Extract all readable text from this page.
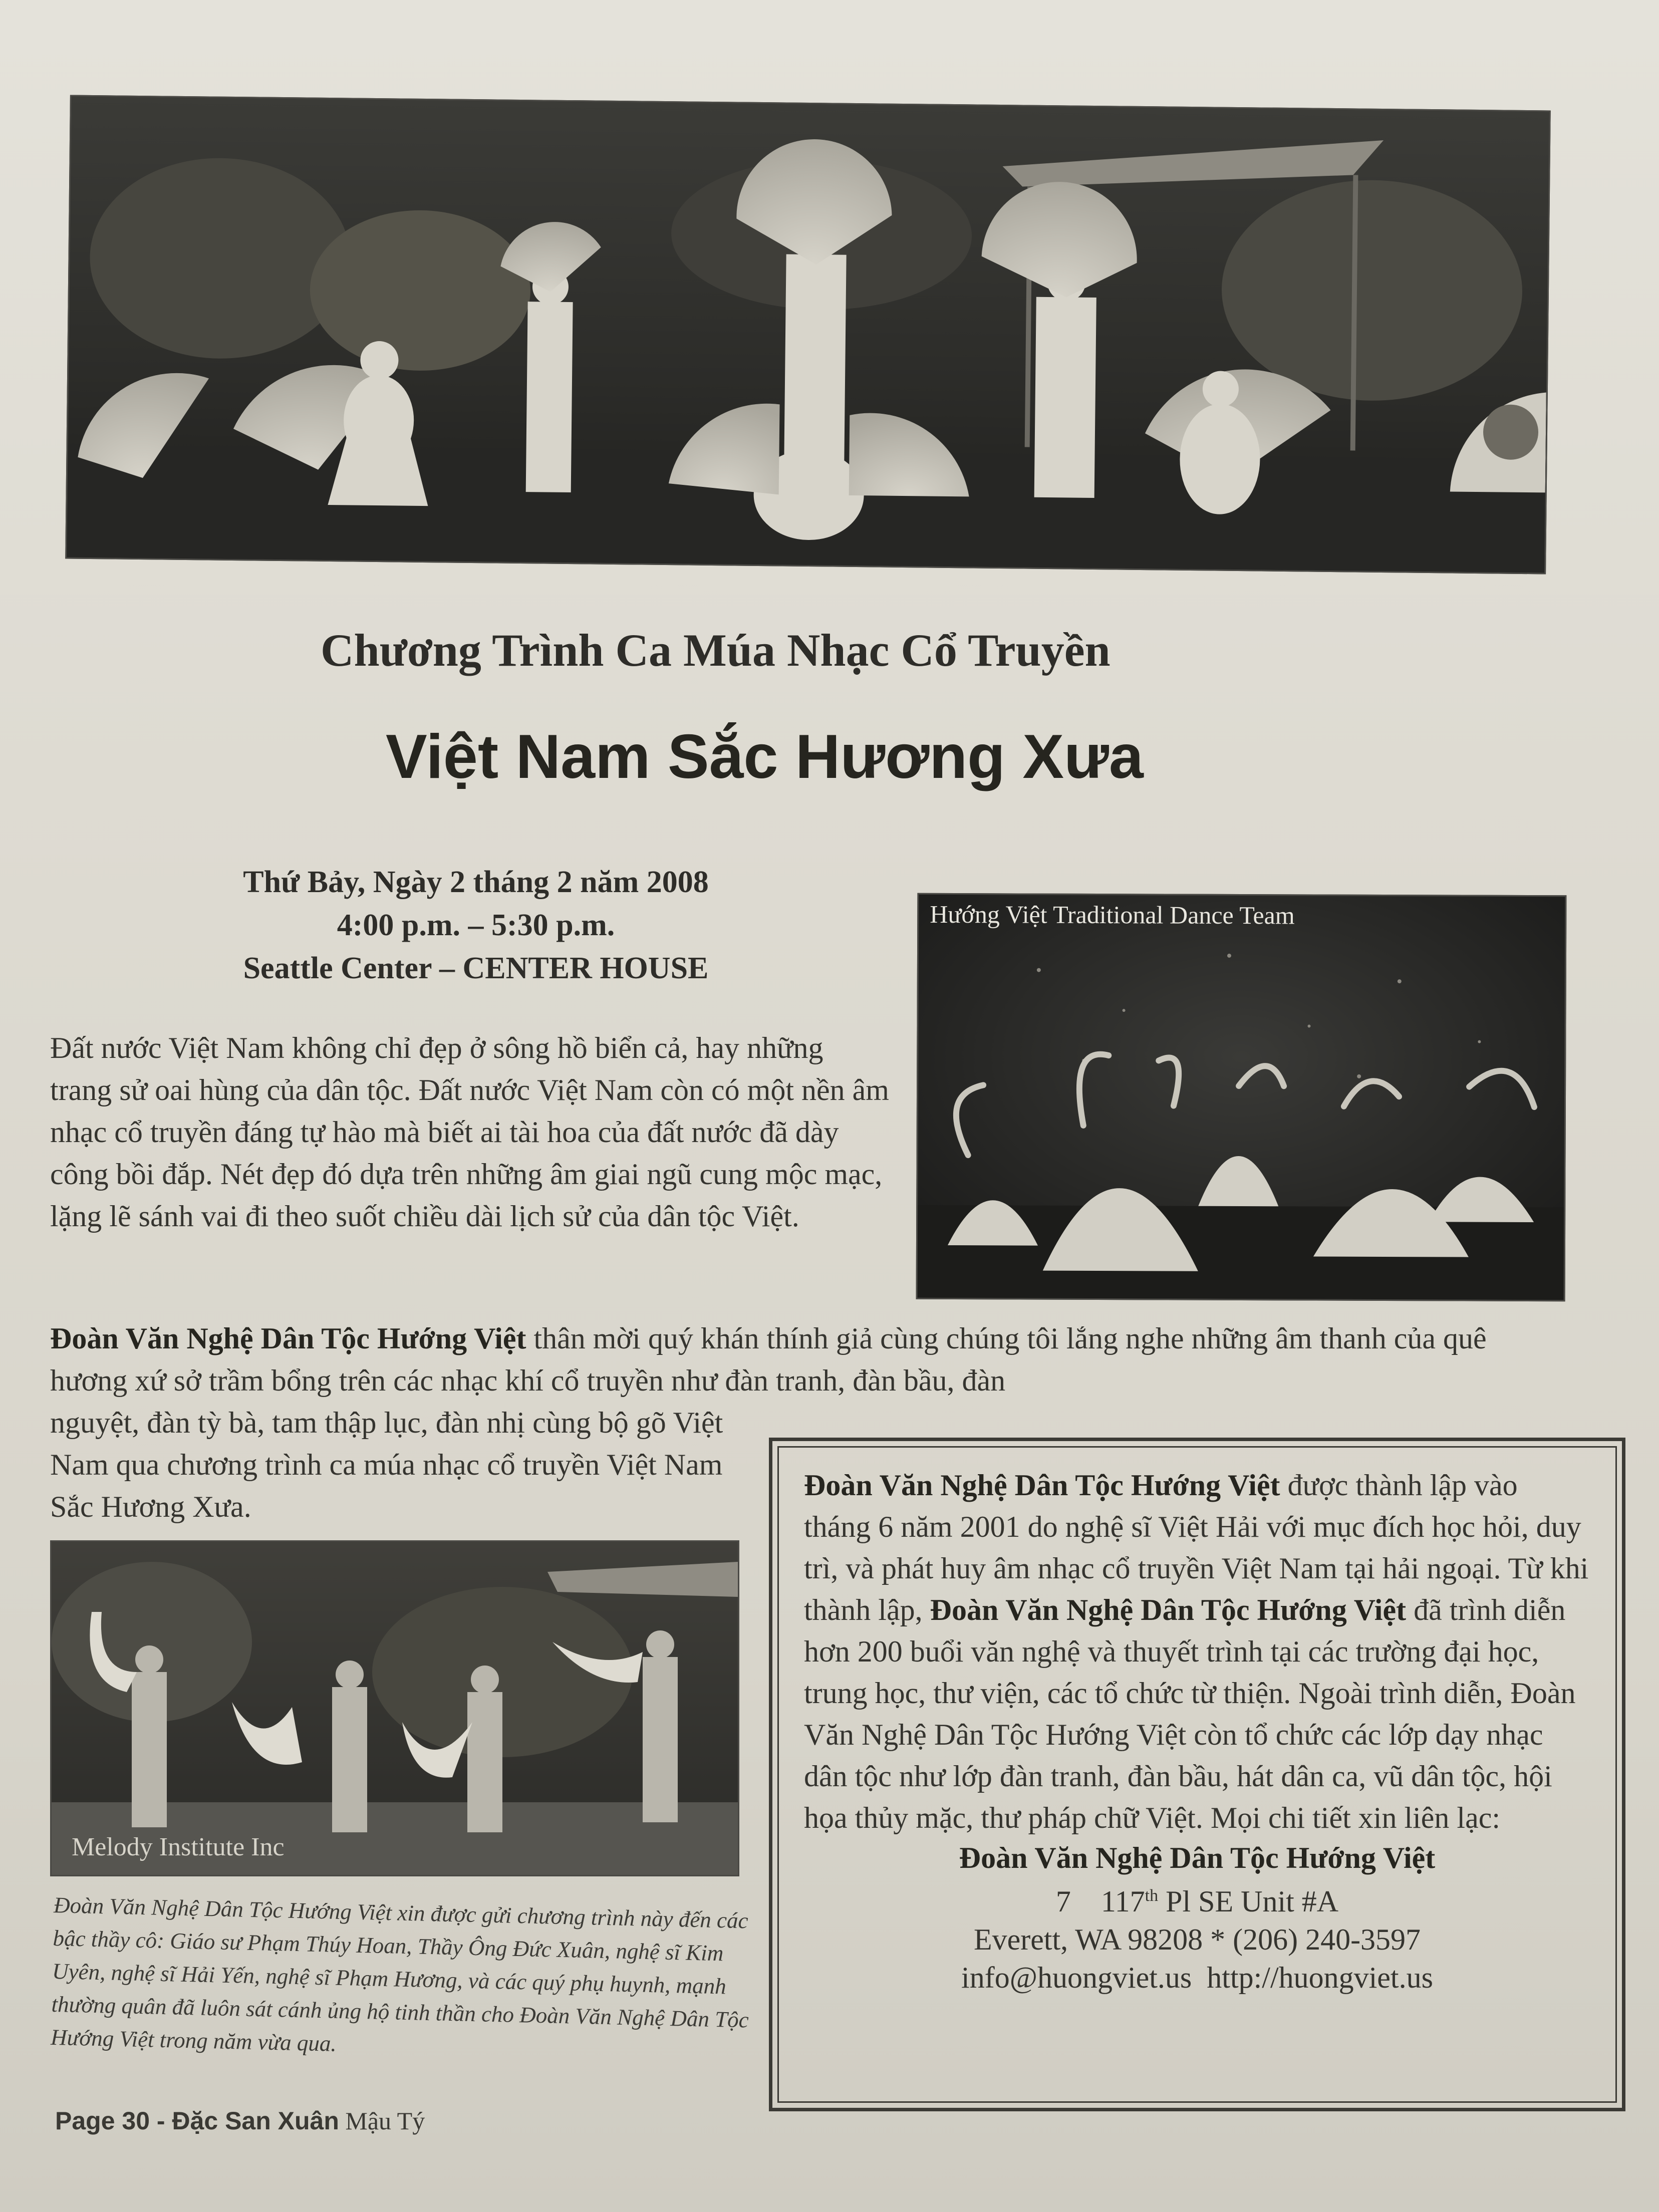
Chương Trình Ca Múa Nhạc Cổ Truyền
Việt Nam Sắc Hương Xưa
Thứ Bảy, Ngày 2 tháng 2 năm 2008
4:00 p.m. – 5:30 p.m.
Seattle Center – CENTER HOUSE
Hướng Việt Traditional Dance Team
Đất nước Việt Nam không chỉ đẹp ở sông hồ biển cả, hay những trang sử oai hùng của dân tộc. Đất nước Việt Nam còn có một nền âm nhạc cổ truyền đáng tự hào mà biết ai tài hoa của đất nước đã dày công bồi đắp. Nét đẹp đó dựa trên những âm giai ngũ cung mộc mạc, lặng lẽ sánh vai đi theo suốt chiều dài lịch sử của dân tộc Việt.
Đoàn Văn Nghệ Dân Tộc Hướng Việt thân mời quý khán thính giả cùng chúng tôi lắng nghe những âm thanh của quê hương xứ sở trầm bổng trên các nhạc khí cổ truyền như đàn tranh, đàn bầu, đàn
nguyệt, đàn tỳ bà, tam thập lục, đàn nhị cùng bộ gõ Việt Nam qua chương trình ca múa nhạc cổ truyền Việt Nam Sắc Hương Xưa.
Melody Institute Inc
Đoàn Văn Nghệ Dân Tộc Hướng Việt được thành lập vào tháng 6 năm 2001 do nghệ sĩ Việt Hải với mục đích học hỏi, duy trì, và phát huy âm nhạc cổ truyền Việt Nam tại hải ngoại. Từ khi thành lập, Đoàn Văn Nghệ Dân Tộc Hướng Việt đã trình diễn hơn 200 buổi văn nghệ và thuyết trình tại các trường đại học, trung học, thư viện, các tổ chức từ thiện. Ngoài trình diễn, Đoàn Văn Nghệ Dân Tộc Hướng Việt còn tổ chức các lớp dạy nhạc dân tộc như lớp đàn tranh, đàn bầu, hát dân ca, vũ dân tộc, hội họa thủy mặc, thư pháp chữ Việt. Mọi chi tiết xin liên lạc:
Đoàn Văn Nghệ Dân Tộc Hướng Việt
7 117th Pl SE Unit #A
Everett, WA 98208 * (206) 240-3597
info@huongviet.us http://huongviet.us
Đoàn Văn Nghệ Dân Tộc Hướng Việt xin được gửi chương trình này đến các bậc thầy cô: Giáo sư Phạm Thúy Hoan, Thầy Ông Đức Xuân, nghệ sĩ Kim Uyên, nghệ sĩ Hải Yến, nghệ sĩ Phạm Hương, và các quý phụ huynh, mạnh thường quân đã luôn sát cánh ủng hộ tinh thần cho Đoàn Văn Nghệ Dân Tộc Hướng Việt trong năm vừa qua.
Page 30 - Đặc San Xuân Mậu Tý
